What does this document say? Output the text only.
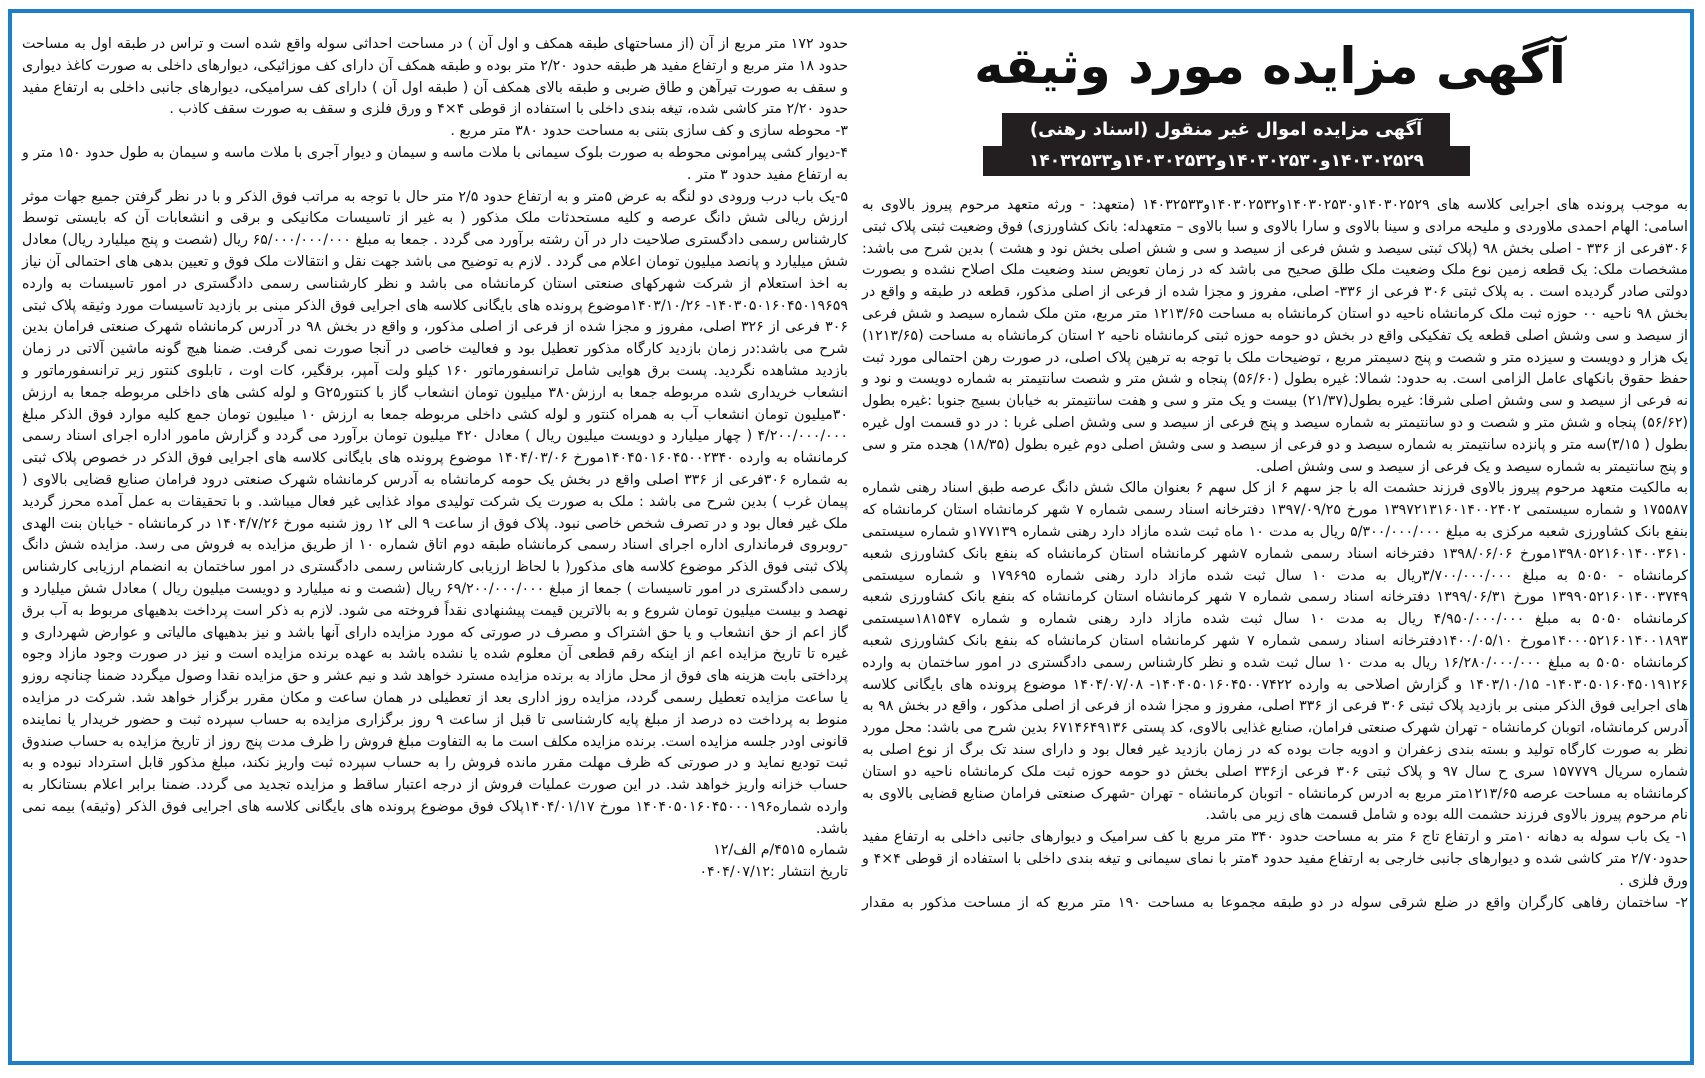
آگهی مزایده مورد وثیقه
آگهی مزایده اموال غیر منقول (اسناد رهنی)
۱۴۰۳۰۲۵۲۹و۱۴۰۳۰۲۵۳۰و۱۴۰۳۰۲۵۳۲و۱۴۰۳۲۵۳۳

به موجب پرونده های اجرایی کلاسه های ۱۴۰۳۰۲۵۲۹و۱۴۰۳۰۲۵۳۰و۱۴۰۳۰۲۵۳۲و۱۴۰۳۲۵۳۳ (متعهد: - ورثه متعهد مرحوم پیروز بالاوی به اسامی: الهام احمدی ملاوردی و ملیحه مرادی و سینا بالاوی و سارا بالاوی و سبا بالاوی – متعهدله: بانک کشاورزی) فوق وضعیت ثبتی پلاک ثبتی ۳۰۶فرعی از ۳۳۶ - اصلی بخش ۹۸ (پلاک ثبتی سیصد و شش فرعی از سیصد و سی و شش اصلی بخش نود و هشت ) بدین شرح می باشد: مشخصات ملک: یک قطعه زمین نوع ملک وضعیت ملک طلق صحیح می باشد که در زمان تعویض سند وضعیت ملک اصلاح نشده و بصورت دولتی صادر گردیده است . به پلاک ثبتی ۳۰۶ فرعی از ۳۳۶- اصلی، مفروز و مجزا شده از فرعی از اصلی مذکور، قطعه در طبقه و واقع در بخش ۹۸ ناحیه ۰۰ حوزه ثبت ملک کرمانشاه ناحیه دو استان کرمانشاه به مساحت ۱۲۱۳/۶۵ متر مربع، متن ملک شماره سیصد و شش فرعی از سیصد و سی وشش اصلی قطعه یک تفکیکی واقع در بخش دو حومه حوزه ثبتی کرمانشاه ناحیه ۲ استان کرمانشاه به مساحت (۱۲۱۳/۶۵) یک هزار و دویست و سیزده متر و شصت و پنج دسیمتر مربع ، توضیحات ملک با توجه به ترهین پلاک اصلی، در صورت رهن احتمالی مورد ثبت حفظ حقوق بانکهای عامل الزامی است. به حدود: شمالا: غیره بطول (۵۶/۶۰) پنجاه و شش متر و شصت سانتیمتر به شماره دویست و نود و نه فرعی از سیصد و سی وشش اصلی شرقا: غیره بطول(۲۱/۳۷) بیست و یک متر و سی و هفت سانتیمتر به خیابان بسیج جنوبا :غیره بطول (۵۶/۶۲) پنجاه و شش متر و شصت و دو سانتیمتر به شماره سیصد و پنج فرعی از سیصد و سی وشش اصلی غربا : در دو قسمت اول غیره بطول ( ۳/۱۵)سه متر و پانزده سانتیمتر به شماره سیصد و دو فرعی از سیصد و سی وشش اصلی دوم غیره بطول (۱۸/۳۵) هجده متر و سی و پنج سانتیمتر به شماره سیصد و یک فرعی از سیصد و سی وشش اصلی.

به مالکیت متعهد مرحوم پیروز بالاوی فرزند حشمت اله با جز سهم ۶ از کل سهم ۶ بعنوان مالک شش دانگ عرصه طبق اسناد رهنی شماره ۱۷۵۵۸۷ و شماره سیستمی ۱۳۹۷۲۱۳۱۶۰۱۴۰۰۲۴۰۲ مورخ ۱۳۹۷/۰۹/۲۵ دفترخانه اسناد رسمی شماره ۷ شهر کرمانشاه استان کرمانشاه که بنفع بانک کشاورزی شعبه مرکزی به مبلغ ۵/۳۰۰/۰۰۰/۰۰۰ ریال به مدت ۱۰ ماه ثبت شده مازاد دارد رهنی شماره ۱۷۷۱۳۹و شماره سیستمی ۱۳۹۸۰۵۲۱۶۰۱۴۰۰۳۶۱۰مورخ ۱۳۹۸/۰۶/۰۶ دفترخانه اسناد رسمی شماره ۷شهر کرمانشاه استان کرمانشاه که بنفع بانک کشاورزی شعبه کرمانشاه - ۵۰۵۰ به مبلغ ۳/۷۰۰/۰۰۰/۰۰۰ریال به مدت ۱۰ سال ثبت شده مازاد دارد رهنی شماره ۱۷۹۶۹۵ و شماره سیستمی ۱۳۹۹۰۵۲۱۶۰۱۴۰۰۳۷۴۹ مورخ ۱۳۹۹/۰۶/۳۱ دفترخانه اسناد رسمی شماره ۷ شهر کرمانشاه استان کرمانشاه که بنفع بانک کشاورزی شعبه کرمانشاه ۵۰۵۰ به مبلغ ۴/۹۵۰/۰۰۰/۰۰۰ ریال به مدت ۱۰ سال ثبت شده مازاد دارد رهنی شماره و شماره ۱۸۱۵۴۷سیستمی ۱۴۰۰۰۵۲۱۶۰۱۴۰۰۱۸۹۳مورخ ۱۴۰۰/۰۵/۱۰دفترخانه اسناد رسمی شماره ۷ شهر کرمانشاه استان کرمانشاه که بنفع بانک کشاورزی شعبه کرمانشاه ۵۰۵۰ به مبلغ ۱۶/۲۸۰/۰۰۰/۰۰۰ ریال به مدت ۱۰ سال ثبت شده و نظر کارشناس رسمی دادگستری در امور ساختمان به وارده ۱۴۰۳۰۵۰۱۶۰۴۵۰۱۹۱۲۶- ۱۴۰۳/۱۰/۱۵ و گزارش اصلاحی به وارده ۱۴۰۴۰۵۰۱۶۰۴۵۰۰۷۴۲۲- ۱۴۰۴/۰۷/۰۸ موضوع پرونده های بایگانی کلاسه های اجرایی فوق الذکر مبنی بر بازدید پلاک ثبتی ۳۰۶ فرعی از ۳۳۶ اصلی، مفروز و مجزا شده از فرعی از اصلی مذکور ، واقع در بخش ۹۸ به آدرس کرمانشاه، اتوبان کرمانشاه - تهران شهرک صنعتی فرامان، صنایع غذایی بالاوی، کد پستی ۶۷۱۴۶۴۹۱۳۶ بدین شرح می باشد: محل مورد نظر به صورت کارگاه تولید و بسته بندی زعفران و ادویه جات بوده که در زمان بازدید غیر فعال بود و دارای سند تک برگ از نوع اصلی به شماره سریال ۱۵۷۷۷۹ سری ح سال ۹۷ و پلاک ثبتی ۳۰۶ فرعی از۳۳۶ اصلی بخش دو حومه حوزه ثبت ملک کرمانشاه ناحیه دو استان کرمانشاه به مساحت عرصه ۱۲۱۳/۶۵متر مربع به ادرس کرمانشاه - اتوبان کرمانشاه - تهران -شهرک صنعتی فرامان صنایع قضایی بالاوی به نام مرحوم پیروز بالاوی فرزند حشمت الله بوده و شامل قسمت های زیر می باشد.

۱- یک باب سوله به دهانه ۱۰متر و ارتفاع تاج ۶ متر به مساحت حدود ۳۴۰ متر مربع با کف سرامیک و دیوارهای جانبی داخلی به ارتفاع مفید حدود۲/۷۰ متر کاشی شده و دیوارهای جانبی خارجی به ارتفاع مفید حدود ۴متر با نمای سیمانی و تیغه بندی داخلی با استفاده از قوطی ۴×۴ و ورق فلزی .

۲- ساختمان رفاهی کارگران واقع در ضلع شرقی سوله در دو طبقه مجموعا به مساحت ۱۹۰ متر مربع که از مساحت مذکور به مقدار

حدود ۱۷۲ متر مربع از آن (از مساحتهای طبقه همکف و اول آن ) در مساحت احداثی سوله واقع شده است و تراس در طبقه اول به مساحت حدود ۱۸ متر مربع و ارتفاع مفید هر طبقه حدود ۲/۲۰ متر بوده و طبقه همکف آن دارای کف موزائیکی، دیوارهای داخلی به صورت کاغذ دیواری و سقف به صورت تیرآهن و طاق ضربی و طبقه بالای همکف آن ( طبقه اول آن ) دارای کف سرامیکی، دیوارهای جانبی داخلی به ارتفاع مفید حدود ۲/۲۰ متر کاشی شده، تیغه بندی داخلی با استفاده از قوطی ۴×۴ و ورق فلزی و سقف به صورت سقف کاذب .

۳- محوطه سازی و کف سازی بتنی به مساحت حدود ۳۸۰ متر مربع .

۴-دیوار کشی پیرامونی محوطه به صورت بلوک سیمانی با ملات ماسه و سیمان و دیوار آجری با ملات ماسه و سیمان به طول حدود ۱۵۰ متر و به ارتفاع مفید حدود ۳ متر .

۵-یک باب درب ورودی دو لنگه به عرض ۵متر و به ارتفاع حدود ۲/۵ متر حال با توجه به مراتب فوق الذکر و با در نظر گرفتن جمیع جهات موثر ارزش ریالی شش دانگ عرصه و کلیه مستحدثات ملک مذکور ( به غیر از تاسیسات مکانیکی و برقی و انشعابات آن که بایستی توسط کارشناس رسمی دادگستری صلاحیت دار در آن رشته برآورد می گردد . جمعا به مبلغ ۶۵/۰۰۰/۰۰۰/۰۰۰ ریال (شصت و پنج میلیارد ریال) معادل شش میلیارد و پانصد میلیون تومان اعلام می گردد . لازم به توضیح می باشد جهت نقل و انتقالات ملک فوق و تعیین بدهی های احتمالی آن نیاز به اخذ استعلام از شرکت شهرکهای صنعتی استان کرمانشاه می باشد و نظر کارشناسی رسمی دادگستری در امور تاسیسات به وارده ۱۴۰۳۰۵۰۱۶۰۴۵۰۱۹۶۵۹- ۱۴۰۳/۱۰/۲۶موضوع پرونده های بایگانی کلاسه های اجرایی فوق الذکر مبنی بر بازدید تاسیسات مورد وثیقه پلاک ثبتی ۳۰۶ فرعی از ۳۲۶ اصلی، مفروز و مجزا شده از فرعی از اصلی مذکور، و واقع در بخش ۹۸ در آدرس کرمانشاه شهرک صنعتی فرامان بدین شرح می باشد:در زمان بازدید کارگاه مذکور تعطیل بود و فعالیت خاصی در آنجا صورت نمی گرفت. ضمنا هیچ گونه ماشین آلاتی در زمان بازدید مشاهده نگردید. پست برق هوایی شامل ترانسفورماتور ۱۶۰ کیلو ولت آمپر، برقگیر، کات اوت ، تابلوی کنتور زیر ترانسفورماتور و انشعاب خریداری شده مربوطه جمعا به ارزش۳۸۰ میلیون تومان انشعاب گاز با کنتورG۲۵ و لوله کشی های داخلی مربوطه جمعا به ارزش ۳۰میلیون تومان انشعاب آب به همراه کنتور و لوله کشی داخلی مربوطه جمعا به ارزش ۱۰ میلیون تومان جمع کلیه موارد فوق الذکر مبلغ ۴/۲۰۰/۰۰۰/۰۰۰ ( چهار میلیارد و دویست میلیون ریال ) معادل ۴۲۰ میلیون تومان برآورد می گردد و گزارش مامور اداره اجرای اسناد رسمی کرمانشاه به وارده ۱۴۰۴۵۰۱۶۰۴۵۰۰۲۳۴۰مورخ ۱۴۰۴/۰۳/۰۶ موضوع پرونده های بایگانی کلاسه های اجرایی فوق الذکر در خصوص پلاک ثبتی به شماره ۳۰۶فرعی از ۳۳۶ اصلی واقع در بخش یک حومه کرمانشاه به آدرس کرمانشاه شهرک صنعتی درود فرامان صنایع قضایی بالاوی ( پیمان غرب ) بدین شرح می باشد : ملک به صورت یک شرکت تولیدی مواد غذایی غیر فعال میباشد. و با تحقیقات به عمل آمده محرز گردید ملک غیر فعال بود و در تصرف شخص خاصی نبود. پلاک فوق از ساعت ۹ الی ۱۲ روز شنبه مورخ ۱۴۰۴/۷/۲۶ در کرمانشاه - خیابان بنت الهدی -روبروی فرمانداری اداره اجرای اسناد رسمی کرمانشاه طبقه دوم اتاق شماره ۱۰ از طریق مزایده به فروش می رسد. مزایده شش دانگ پلاک ثبتی فوق الذکر موضوع کلاسه های مذکور( با لحاظ ارزیابی کارشناس رسمی دادگستری در امور ساختمان به انضمام ارزیابی کارشناس رسمی دادگستری در امور تاسیسات ) جمعا از مبلغ ۶۹/۲۰۰/۰۰۰/۰۰۰ ریال (شصت و نه میلیارد و دویست میلیون ریال ) معادل شش میلیارد و نهصد و بیست میلیون تومان شروع و به بالاترین قیمت پیشنهادی نقداً فروخته می شود. لازم به ذکر است پرداخت بدهیهای مربوط به آب برق گاز اعم از حق انشعاب و یا حق اشتراک و مصرف در صورتی که مورد مزایده دارای آنها باشد و نیز بدهیهای مالیاتی و عوارض شهرداری و غیره تا تاریخ مزایده اعم از اینکه رقم قطعی آن معلوم شده یا نشده باشد به عهده برنده مزایده است و نیز در صورت وجود مازاد وجوه پرداختی بابت هزینه های فوق از محل مازاد به برنده مزایده مسترد خواهد شد و نیم عشر و حق مزایده نقدا وصول میگردد ضمنا چنانچه روزو یا ساعت مزایده تعطیل رسمی گردد، مزایده روز اداری بعد از تعطیلی در همان ساعت و مکان مقرر برگزار خواهد شد. شرکت در مزایده منوط به پرداخت ده درصد از مبلغ پایه کارشناسی تا قبل از ساعت ۹ روز برگزاری مزایده به حساب سپرده ثبت و حضور خریدار یا نماینده قانونی اودر جلسه مزایده است. برنده مزایده مکلف است ما به التفاوت مبلغ فروش را ظرف مدت پنج روز از تاریخ مزایده به حساب صندوق ثبت تودیع نماید و در صورتی که ظرف مهلت مقرر مانده فروش را به حساب سپرده ثبت واریز نکند، مبلغ مذکور قابل استرداد نبوده و به حساب خزانه واریز خواهد شد. در این صورت عملیات فروش از درجه اعتبار ساقط و مزایده تجدید می گردد. ضمنا برابر اعلام بستانکار به وارده شماره۱۴۰۴۰۵۰۱۶۰۴۵۰۰۰۱۹۶ مورخ ۱۴۰۴/۰۱/۱۷پلاک فوق موضوع پرونده های بایگانی کلاسه های اجرایی فوق الذکر (وثیقه) بیمه نمی باشد.

شماره ۴۵۱۵/م الف/۱۲

تاریخ انتشار :۰۴۰۴/۰۷/۱۲
